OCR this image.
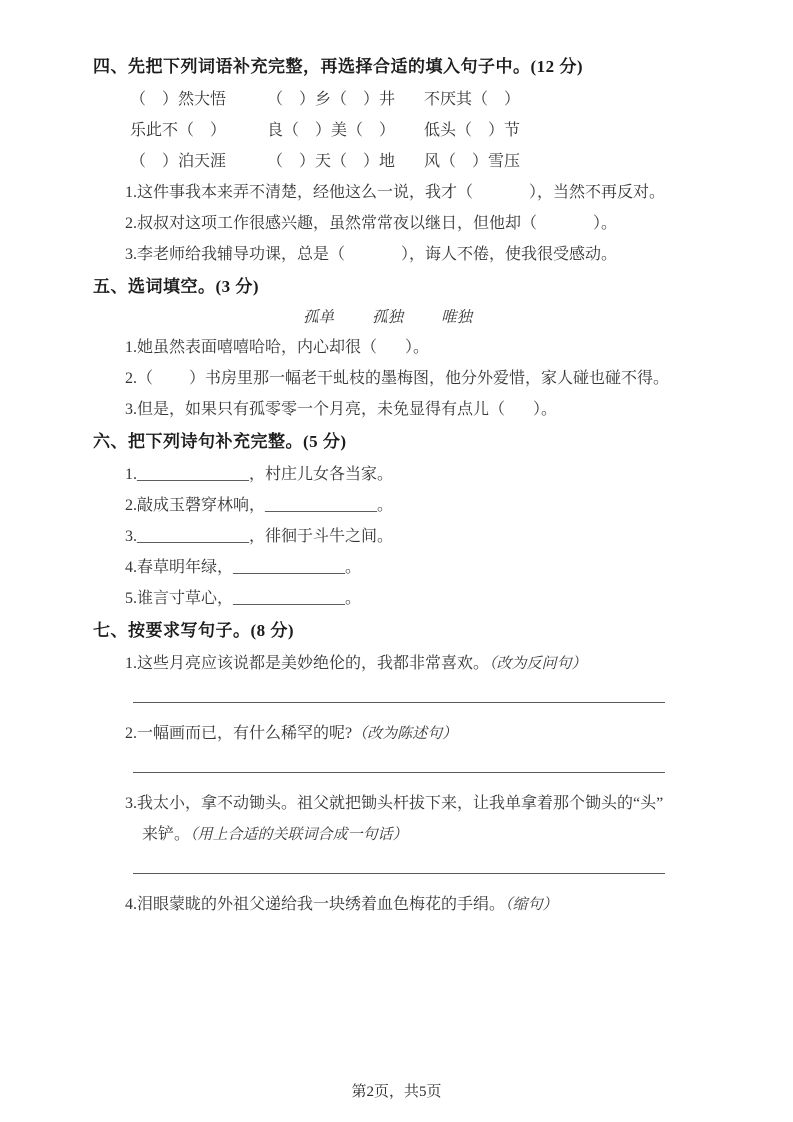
四、先把下列词语补充完整，再选择合适的填入句子中。(12 分)
（    ）然大悟	（    ）乡（    ）井 不厌其（    ）
乐此不（    ）	良（    ）美（    ） 低头（    ）节
（    ）泊天涯	（    ）天（    ）地 风（    ）雪压
1.这件事我本来弄不清楚，经他这么一说，我才（              ），当然不再反对。
2.叔叔对这项工作很感兴趣，虽然常常夜以继日，但他却（              ）。
3.李老师给我辅导功课，总是（              ），诲人不倦，使我很受感动。
五、选词填空。(3 分)
孤单 孤独 唯独
1.她虽然表面嘻嘻哈哈，内心却很（       ）。
2.（         ）书房里那一幅老干虬枝的墨梅图，他分外爱惜，家人碰也碰不得。
3.但是，如果只有孤零零一个月亮，未免显得有点儿（       ）。
六、把下列诗句补充完整。(5 分)
1.______________，村庄儿女各当家。
2.敲成玉磬穿林响，______________。
3.______________，徘徊于斗牛之间。
4.春草明年绿，______________。
5.谁言寸草心，______________。
七、按要求写句子。(8 分)
1.这些月亮应该说都是美妙绝伦的，我都非常喜欢。（改为反问句）
2.一幅画而已，有什么稀罕的呢?（改为陈述句）
3.我太小，拿不动锄头。祖父就把锄头杆拔下来，让我单拿着那个锄头的“头”
来铲。（用上合适的关联词合成一句话）
4.泪眼蒙眬的外祖父递给我一块绣着血色梅花的手绢。（缩句）
第2页，共5页
